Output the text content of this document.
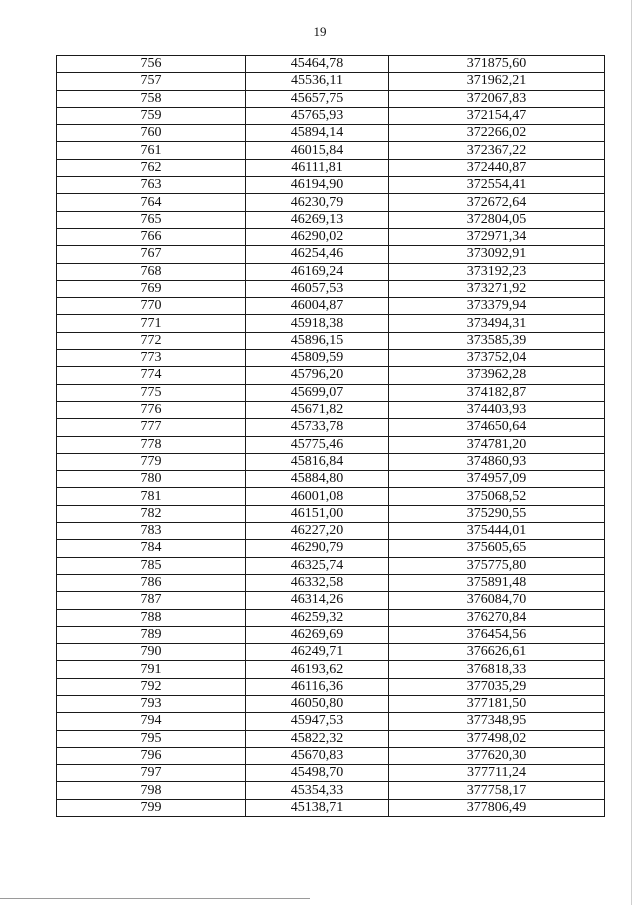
19
756	45464,78	371875,60
757	45536,11	371962,21
758	45657,75	372067,83
759	45765,93	372154,47
760	45894,14	372266,02
761	46015,84	372367,22
762	46111,81	372440,87
763	46194,90	372554,41
764	46230,79	372672,64
765	46269,13	372804,05
766	46290,02	372971,34
767	46254,46	373092,91
768	46169,24	373192,23
769	46057,53	373271,92
770	46004,87	373379,94
771	45918,38	373494,31
772	45896,15	373585,39
773	45809,59	373752,04
774	45796,20	373962,28
775	45699,07	374182,87
776	45671,82	374403,93
777	45733,78	374650,64
778	45775,46	374781,20
779	45816,84	374860,93
780	45884,80	374957,09
781	46001,08	375068,52
782	46151,00	375290,55
783	46227,20	375444,01
784	46290,79	375605,65
785	46325,74	375775,80
786	46332,58	375891,48
787	46314,26	376084,70
788	46259,32	376270,84
789	46269,69	376454,56
790	46249,71	376626,61
791	46193,62	376818,33
792	46116,36	377035,29
793	46050,80	377181,50
794	45947,53	377348,95
795	45822,32	377498,02
796	45670,83	377620,30
797	45498,70	377711,24
798	45354,33	377758,17
799	45138,71	377806,49
